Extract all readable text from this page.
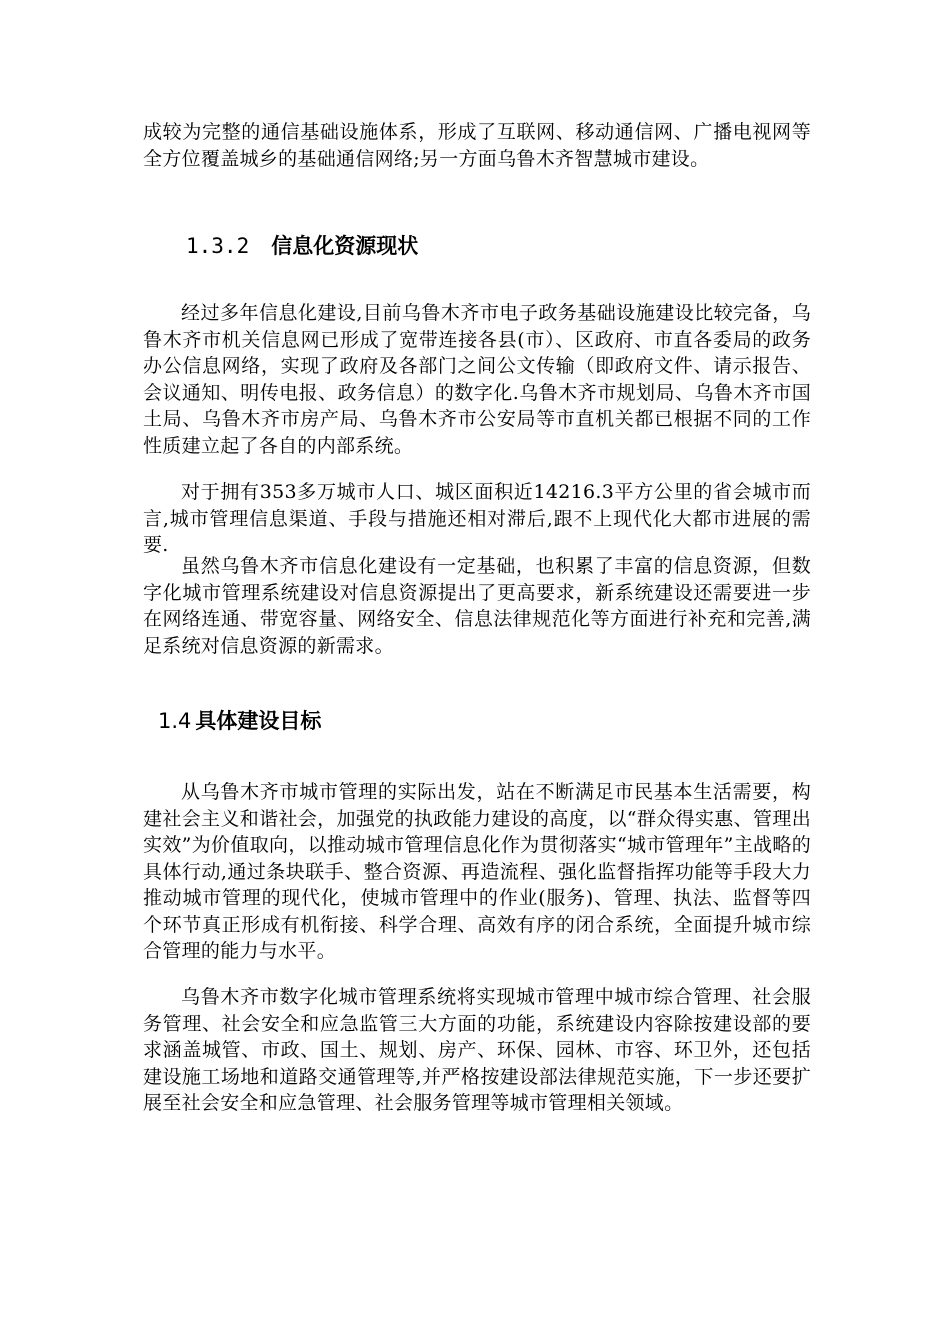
成较为完整的通信基础设施体系，形成了互联网、移动通信网、广播电视网等全方位覆盖城乡的基础通信网络;另一方面乌鲁木齐智慧城市建设。

1.3.2 信息化资源现状

经过多年信息化建设,目前乌鲁木齐市电子政务基础设施建设比较完备，乌鲁木齐市机关信息网已形成了宽带连接各县(市）、区政府、市直各委局的政务办公信息网络，实现了政府及各部门之间公文传输（即政府文件、请示报告、会议通知、明传电报、政务信息）的数字化.乌鲁木齐市规划局、乌鲁木齐市国土局、乌鲁木齐市房产局、乌鲁木齐市公安局等市直机关都已根据不同的工作性质建立起了各自的内部系统。

对于拥有353多万城市人口、城区面积近14216.3平方公里的省会城市而言,城市管理信息渠道、手段与措施还相对滞后,跟不上现代化大都市进展的需要.

虽然乌鲁木齐市信息化建设有一定基础，也积累了丰富的信息资源，但数字化城市管理系统建设对信息资源提出了更高要求，新系统建设还需要进一步在网络连通、带宽容量、网络安全、信息法律规范化等方面进行补充和完善,满足系统对信息资源的新需求。

1.4 具体建设目标

从乌鲁木齐市城市管理的实际出发，站在不断满足市民基本生活需要，构建社会主义和谐社会，加强党的执政能力建设的高度，以“群众得实惠、管理出实效”为价值取向，以推动城市管理信息化作为贯彻落实“城市管理年”主战略的具体行动,通过条块联手、整合资源、再造流程、强化监督指挥功能等手段大力推动城市管理的现代化，使城市管理中的作业(服务)、管理、执法、监督等四个环节真正形成有机衔接、科学合理、高效有序的闭合系统，全面提升城市综合管理的能力与水平。

乌鲁木齐市数字化城市管理系统将实现城市管理中城市综合管理、社会服务管理、社会安全和应急监管三大方面的功能，系统建设内容除按建设部的要求涵盖城管、市政、国土、规划、房产、环保、园林、市容、环卫外，还包括建设施工场地和道路交通管理等,并严格按建设部法律规范实施，下一步还要扩展至社会安全和应急管理、社会服务管理等城市管理相关领域。
